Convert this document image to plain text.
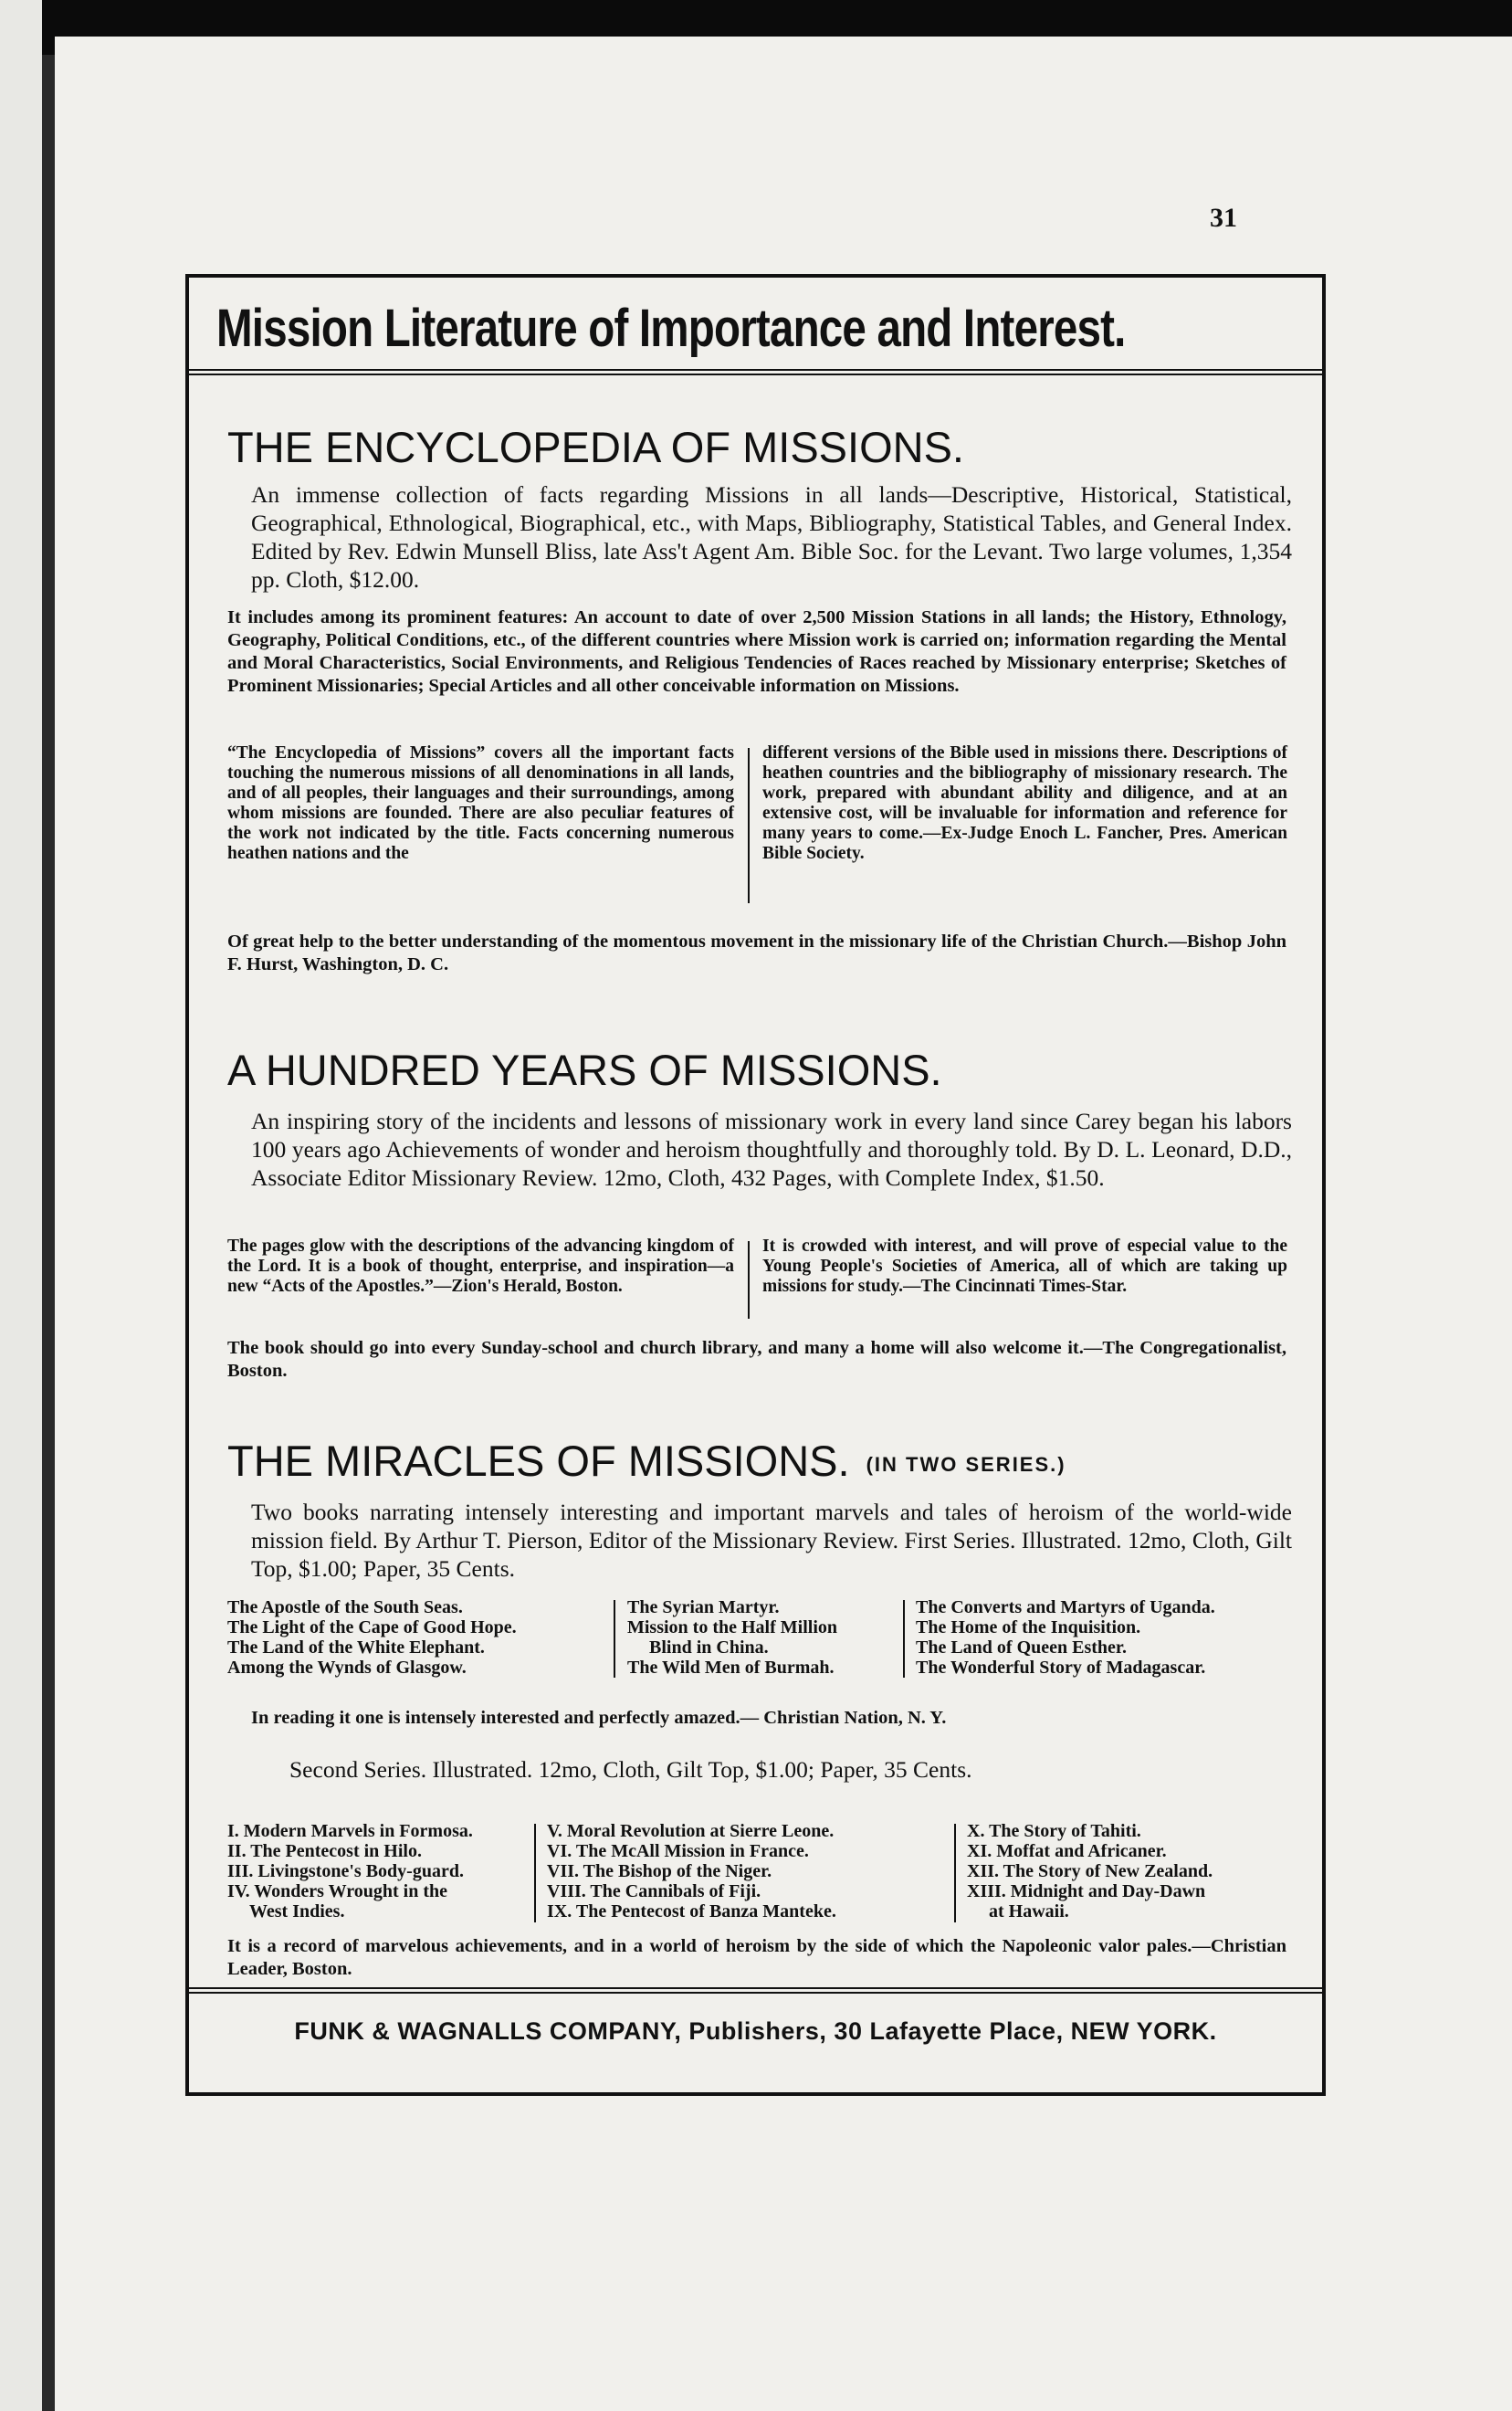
31
Mission Literature of Importance and Interest.
THE ENCYCLOPEDIA OF MISSIONS.
An immense collection of facts regarding Missions in all lands—Descriptive, Historical, Statistical, Geographical, Ethnological, Biographical, etc., with Maps, Bibliography, Statistical Tables, and General Index. Edited by Rev. Edwin Munsell Bliss, late Ass't Agent Am. Bible Soc. for the Levant. Two large volumes, 1,354 pp. Cloth, $12.00.
It includes among its prominent features: An account to date of over 2,500 Mission Stations in all lands; the History, Ethnology, Geography, Political Conditions, etc., of the different countries where Mission work is carried on; information regarding the Mental and Moral Characteristics, Social Environments, and Religious Tendencies of Races reached by Missionary enterprise; Sketches of Prominent Missionaries; Special Articles and all other conceivable information on Missions.
“The Encyclopedia of Missions” covers all the important facts touching the numerous missions of all denominations in all lands, and of all peoples, their languages and their surroundings, among whom missions are founded. There are also peculiar features of the work not indicated by the title. Facts concerning numerous heathen nations and the
different versions of the Bible used in missions there. Descriptions of heathen countries and the bibliography of missionary research. The work, prepared with abundant ability and diligence, and at an extensive cost, will be invaluable for information and reference for many years to come.—Ex-Judge Enoch L. Fancher, Pres. American Bible Society.
Of great help to the better understanding of the momentous movement in the missionary life of the Christian Church.—Bishop John F. Hurst, Washington, D. C.
A HUNDRED YEARS OF MISSIONS.
An inspiring story of the incidents and lessons of missionary work in every land since Carey began his labors 100 years ago Achievements of wonder and heroism thoughtfully and thoroughly told. By D. L. Leonard, D.D., Associate Editor Missionary Review. 12mo, Cloth, 432 Pages, with Complete Index, $1.50.
The pages glow with the descriptions of the advancing kingdom of the Lord. It is a book of thought, enterprise, and inspiration—a new “Acts of the Apostles.”—Zion's Herald, Boston.
It is crowded with interest, and will prove of especial value to the Young People's Societies of America, all of which are taking up missions for study.—The Cincinnati Times-Star.
The book should go into every Sunday-school and church library, and many a home will also welcome it.—The Congregationalist, Boston.
THE MIRACLES OF MISSIONS. (IN TWO SERIES.)
Two books narrating intensely interesting and important marvels and tales of heroism of the world-wide mission field. By Arthur T. Pierson, Editor of the Missionary Review. First Series. Illustrated. 12mo, Cloth, Gilt Top, $1.00; Paper, 35 Cents.
The Apostle of the South Seas.
The Light of the Cape of Good Hope.
The Land of the White Elephant.
Among the Wynds of Glasgow.
The Syrian Martyr.
Mission to the Half Million
Blind in China.
The Wild Men of Burmah.
The Converts and Martyrs of Uganda.
The Home of the Inquisition.
The Land of Queen Esther.
The Wonderful Story of Madagascar.
In reading it one is intensely interested and perfectly amazed.— Christian Nation, N. Y.
Second Series. Illustrated. 12mo, Cloth, Gilt Top, $1.00; Paper, 35 Cents.
I. Modern Marvels in Formosa.
II. The Pentecost in Hilo.
III. Livingstone's Body-guard.
IV. Wonders Wrought in the
West Indies.
V. Moral Revolution at Sierre Leone.
VI. The McAll Mission in France.
VII. The Bishop of the Niger.
VIII. The Cannibals of Fiji.
IX. The Pentecost of Banza Manteke.
X. The Story of Tahiti.
XI. Moffat and Africaner.
XII. The Story of New Zealand.
XIII. Midnight and Day-Dawn
at Hawaii.
It is a record of marvelous achievements, and in a world of heroism by the side of which the Napoleonic valor pales.—Christian Leader, Boston.
FUNK & WAGNALLS COMPANY, Publishers, 30 Lafayette Place, NEW YORK.
